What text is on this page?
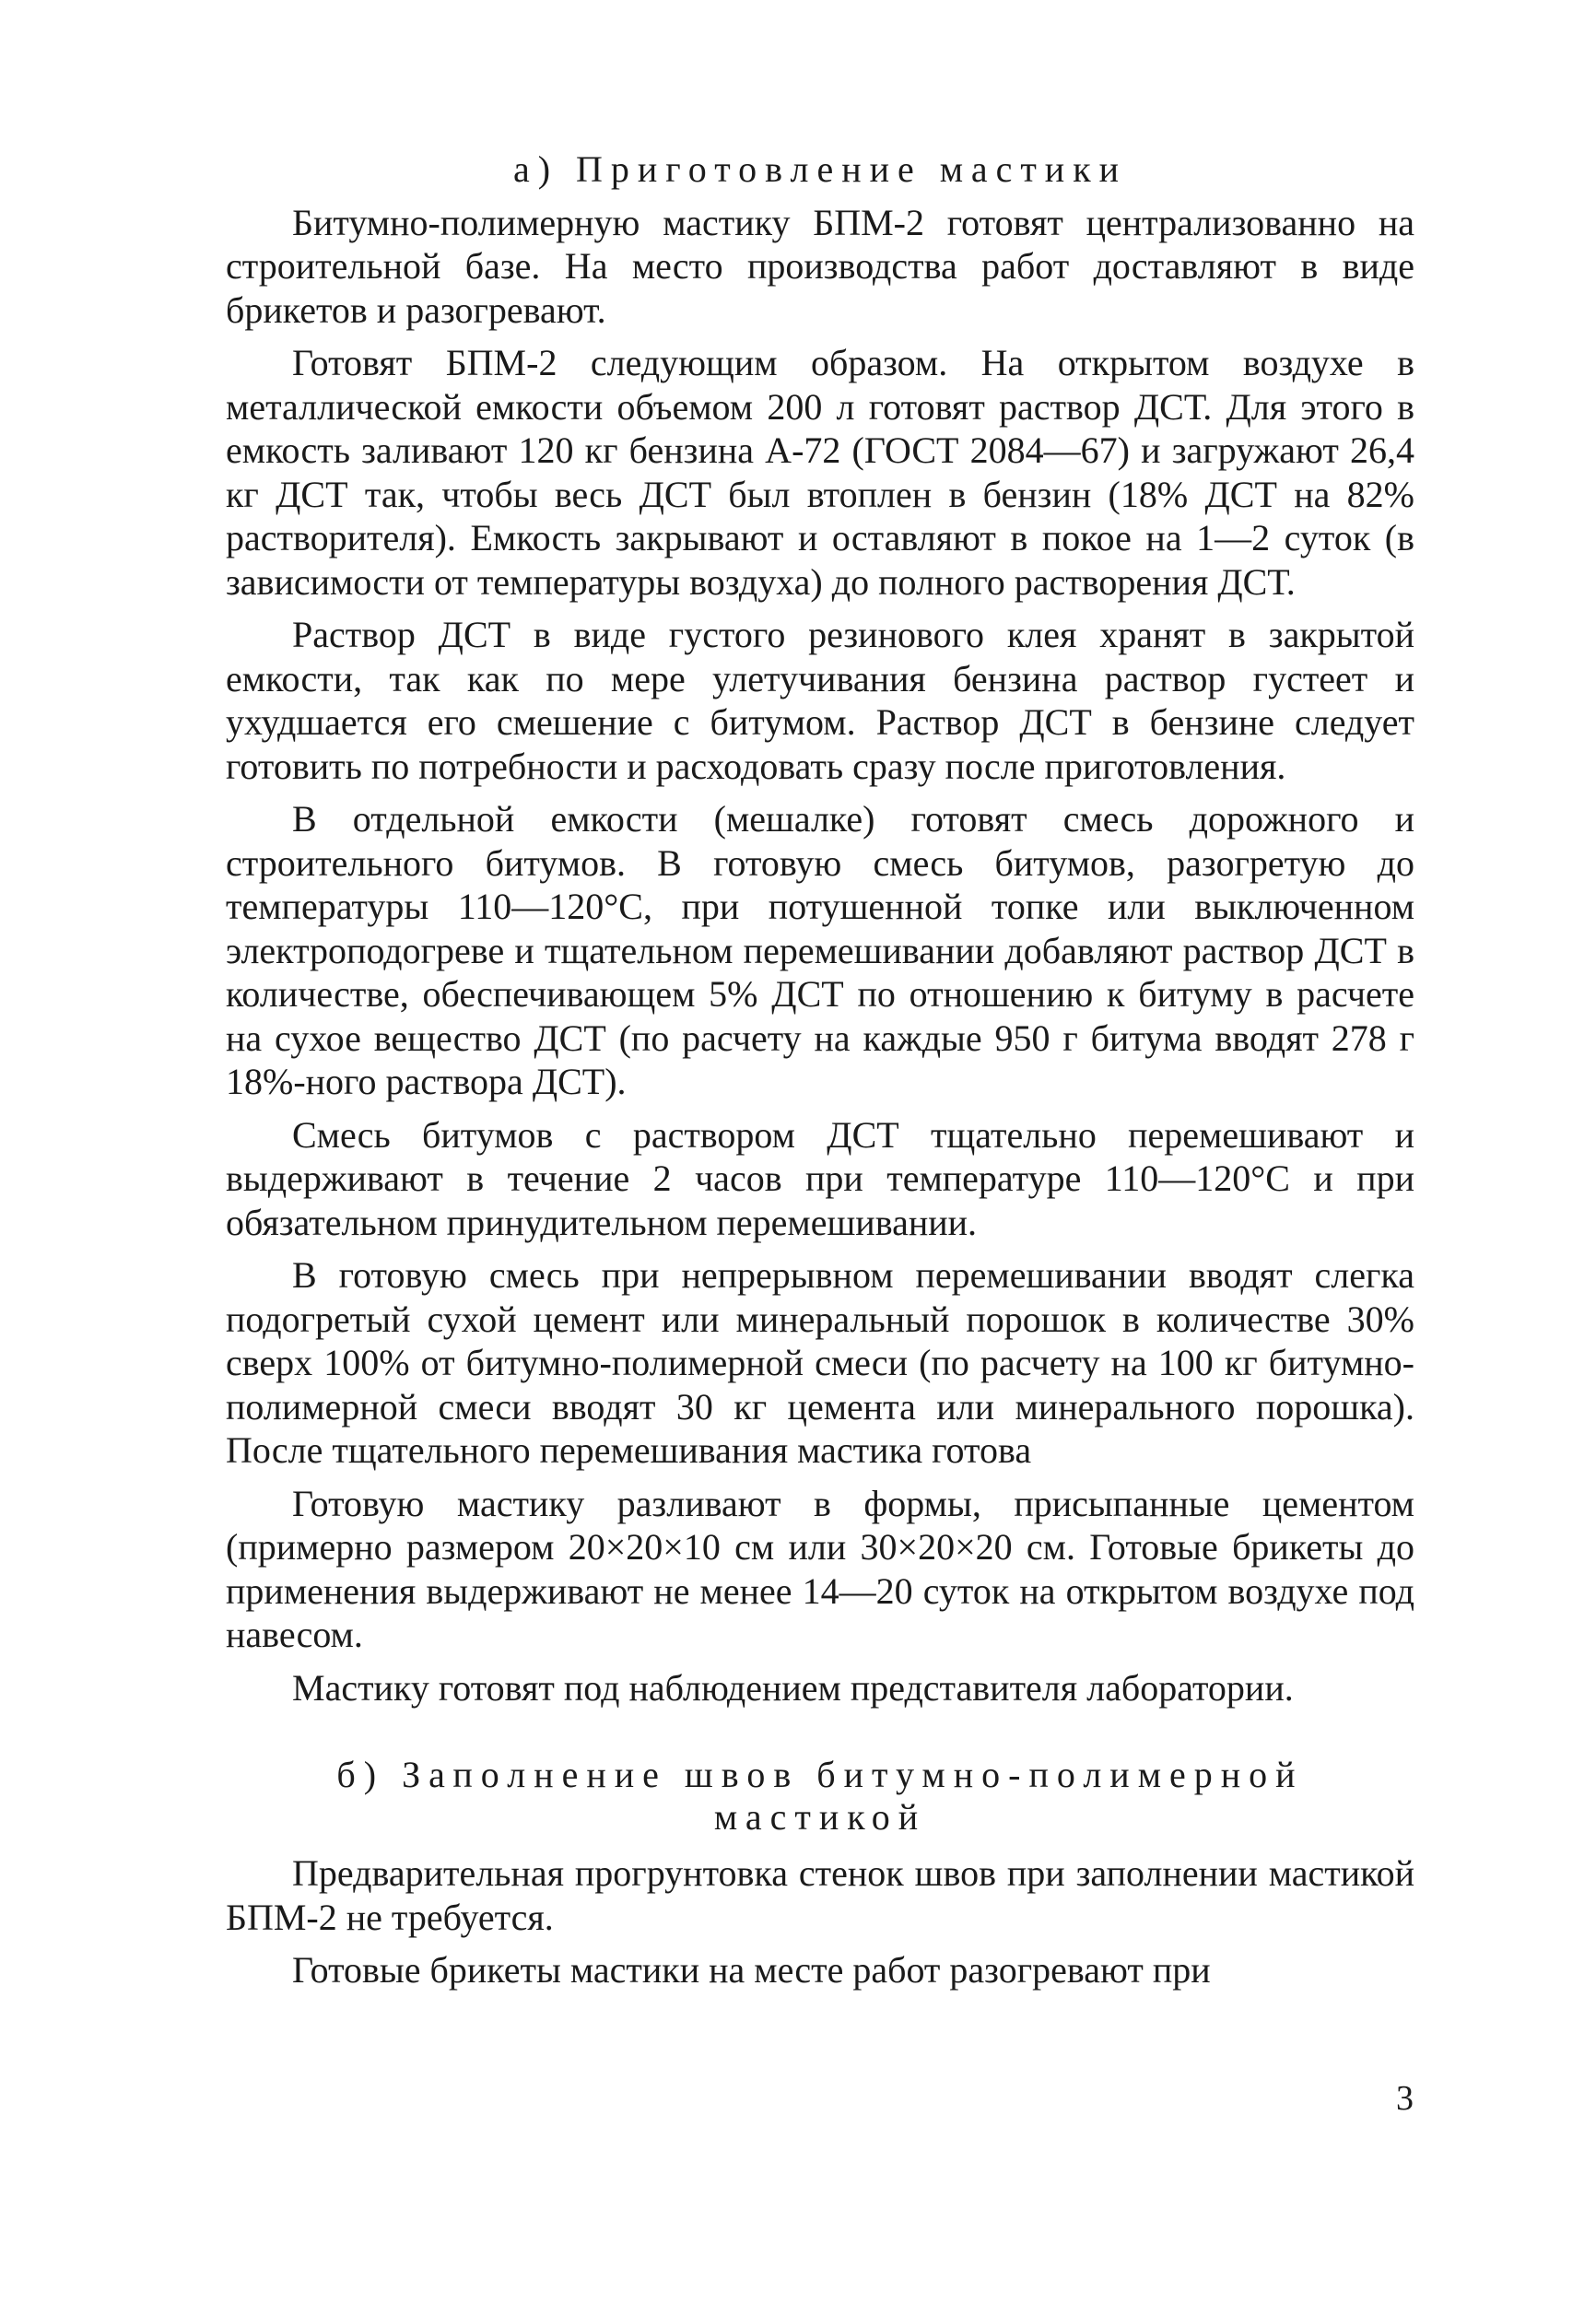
а) Приготовление мастики

Битумно-полимерную мастику БПМ-2 готовят централизованно на строительной базе. На место производства работ доставляют в виде брикетов и разогревают.

Готовят БПМ-2 следующим образом. На открытом воздухе в металлической емкости объемом 200 л готовят раствор ДСТ. Для этого в емкость заливают 120 кг бензина А-72 (ГОСТ 2084—67) и загружают 26,4 кг ДСТ так, чтобы весь ДСТ был втоплен в бензин (18% ДСТ на 82% растворителя). Емкость закрывают и оставляют в покое на 1—2 суток (в зависимости от температуры воздуха) до полного растворения ДСТ.

Раствор ДСТ в виде густого резинового клея хранят в закрытой емкости, так как по мере улетучивания бензина раствор густеет и ухудшается его смешение с битумом. Раствор ДСТ в бензине следует готовить по потребности и расходовать сразу после приготовления.

В отдельной емкости (мешалке) готовят смесь дорожного и строительного битумов. В готовую смесь битумов, разогретую до температуры 110—120°С, при потушенной топке или выключенном электроподогреве и тщательном перемешивании добавляют раствор ДСТ в количестве, обеспечивающем 5% ДСТ по отношению к битуму в расчете на сухое вещество ДСТ (по расчету на каждые 950 г битума вводят 278 г 18%-ного раствора ДСТ).

Смесь битумов с раствором ДСТ тщательно перемешивают и выдерживают в течение 2 часов при температуре 110—120°С и при обязательном принудительном перемешивании.

В готовую смесь при непрерывном перемешивании вводят слегка подогретый сухой цемент или минеральный порошок в количестве 30% сверх 100% от битумно-полимерной смеси (по расчету на 100 кг битумно-полимерной смеси вводят 30 кг цемента или минерального порошка). После тщательного перемешивания мастика готова

Готовую мастику разливают в формы, присыпанные цементом (примерно размером 20×20×10 см или 30×20×20 см. Готовые брикеты до применения выдерживают не менее 14—20 суток на открытом воздухе под навесом.

Мастику готовят под наблюдением представителя лаборатории.

б) Заполнение швов битумно-полимерной мастикой

Предварительная прогрунтовка стенок швов при заполнении мастикой БПМ-2 не требуется.

Готовые брикеты мастики на месте работ разогревают при

3
